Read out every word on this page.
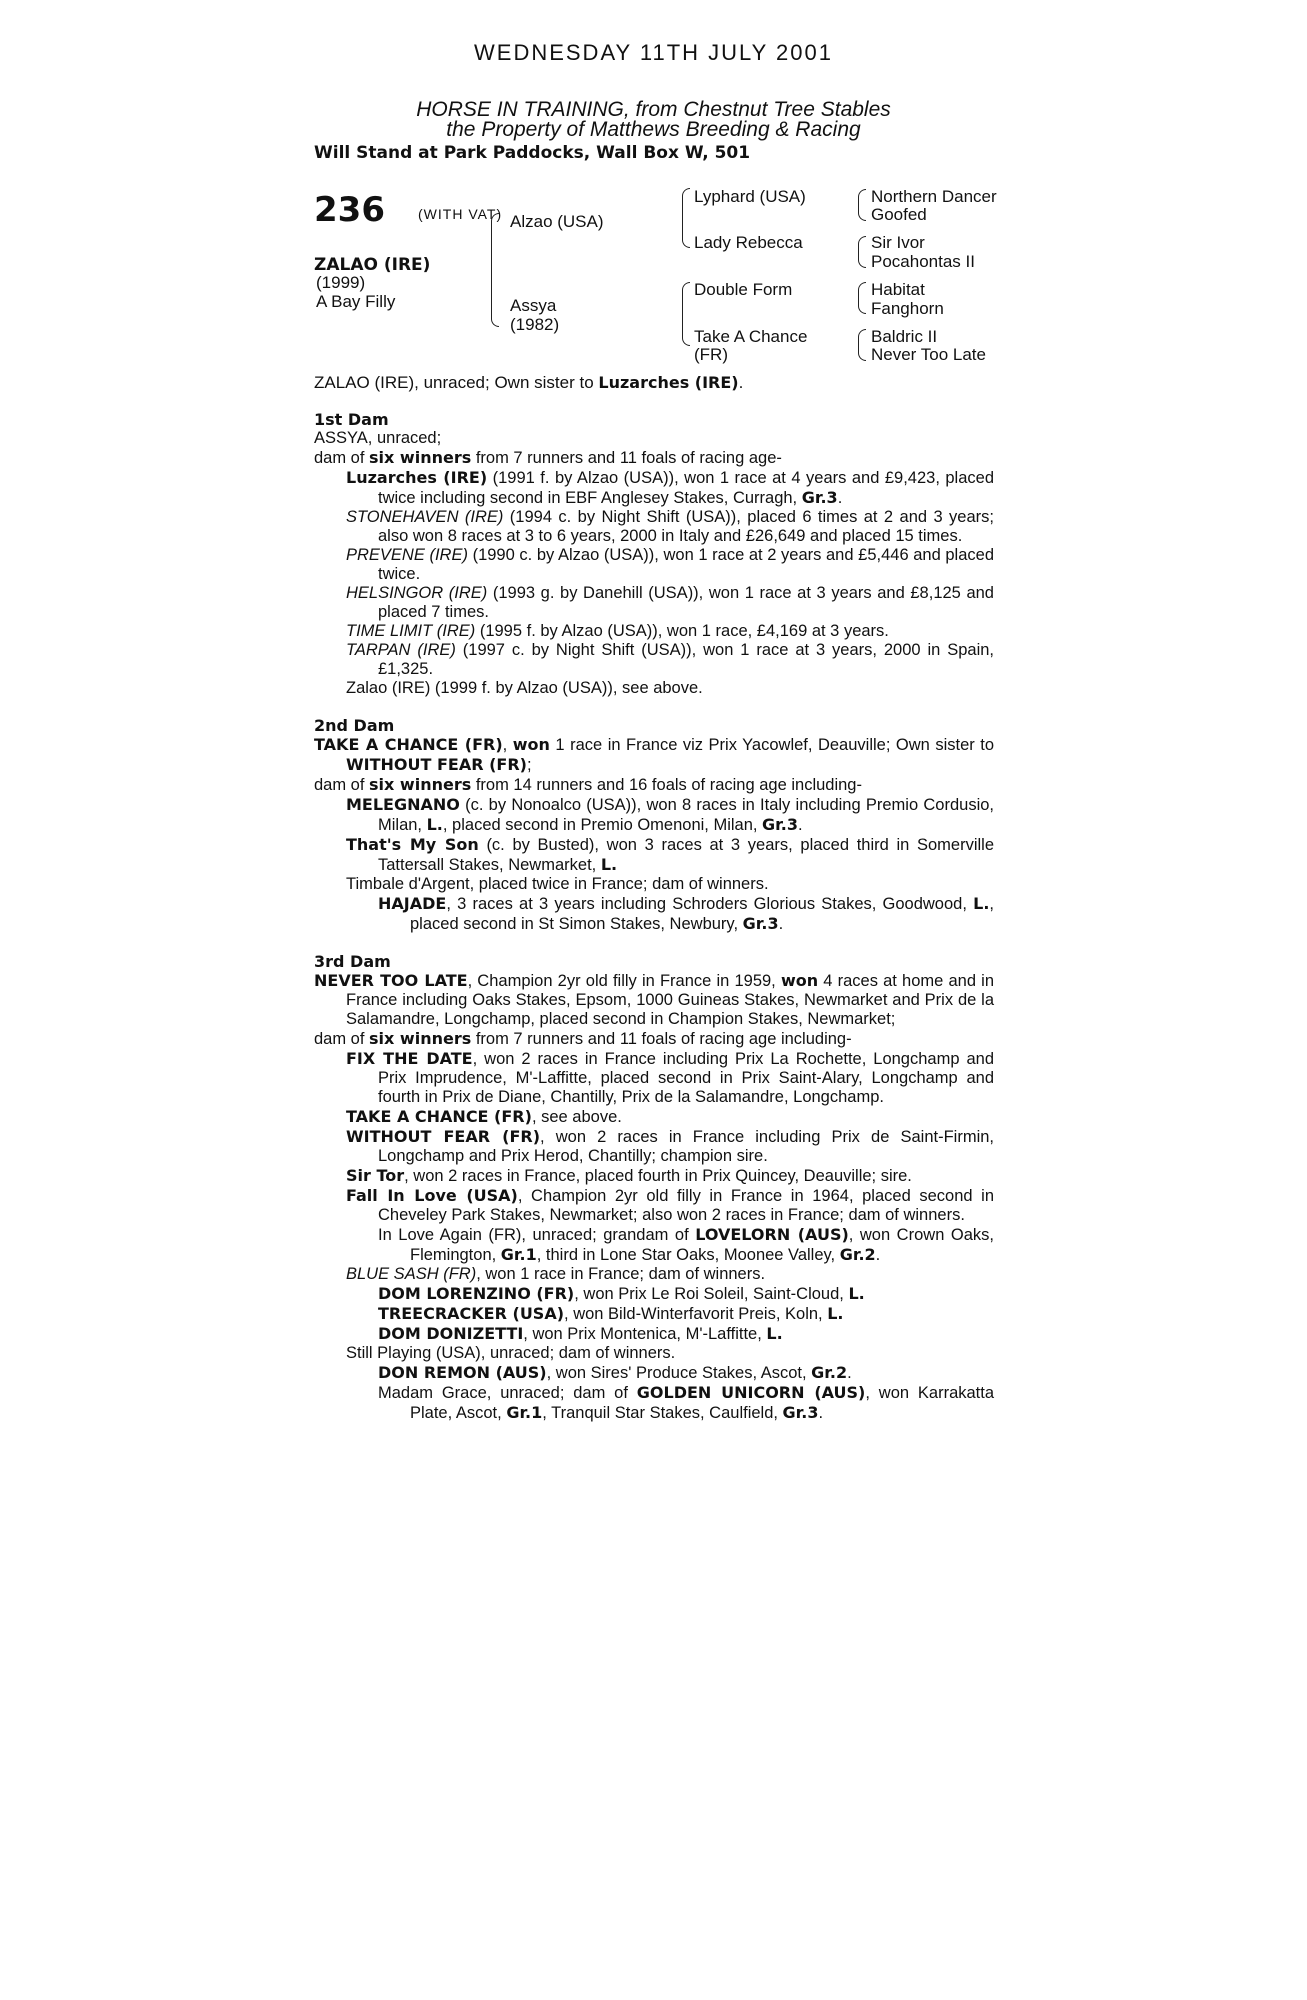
WEDNESDAY 11TH JULY 2001
HORSE IN TRAINING, from Chestnut Tree Stables
the Property of Matthews Breeding & Racing
Will Stand at Park Paddocks, Wall Box W, 501
236 (WITH VAT)
ZALAO (IRE)
(1999)
A Bay Filly
Alzao (USA)
Assya
(1982)
Lyphard (USA)
Lady Rebecca
Double Form
Take A Chance
(FR)
Northern Dancer
Goofed
Sir Ivor
Pocahontas II
Habitat
Fanghorn
Baldric II
Never Too Late
ZALAO (IRE), unraced; Own sister to Luzarches (IRE).
1st Dam

ASSYA, unraced;

dam of six winners from 7 runners and 11 foals of racing age-

Luzarches (IRE) (1991 f. by Alzao (USA)), won 1 race at 4 years and £9,423, placed twice including second in EBF Anglesey Stakes, Curragh, Gr.3.

STONEHAVEN (IRE) (1994 c. by Night Shift (USA)), placed 6 times at 2 and 3 years; also won 8 races at 3 to 6 years, 2000 in Italy and £26,649 and placed 15 times.

PREVENE (IRE) (1990 c. by Alzao (USA)), won 1 race at 2 years and £5,446 and placed twice.

HELSINGOR (IRE) (1993 g. by Danehill (USA)), won 1 race at 3 years and £8,125 and placed 7 times.

TIME LIMIT (IRE) (1995 f. by Alzao (USA)), won 1 race, £4,169 at 3 years.

TARPAN (IRE) (1997 c. by Night Shift (USA)), won 1 race at 3 years, 2000 in Spain, £1,325.

Zalao (IRE) (1999 f. by Alzao (USA)), see above.

2nd Dam

TAKE A CHANCE (FR), won 1 race in France viz Prix Yacowlef, Deauville; Own sister to WITHOUT FEAR (FR);

dam of six winners from 14 runners and 16 foals of racing age including-

MELEGNANO (c. by Nonoalco (USA)), won 8 races in Italy including Premio Cordusio, Milan, L., placed second in Premio Omenoni, Milan, Gr.3.

That's My Son (c. by Busted), won 3 races at 3 years, placed third in Somerville Tattersall Stakes, Newmarket, L.

Timbale d'Argent, placed twice in France; dam of winners.

HAJADE, 3 races at 3 years including Schroders Glorious Stakes, Goodwood, L., placed second in St Simon Stakes, Newbury, Gr.3.

3rd Dam

NEVER TOO LATE, Champion 2yr old filly in France in 1959, won 4 races at home and in France including Oaks Stakes, Epsom, 1000 Guineas Stakes, Newmarket and Prix de la Salamandre, Longchamp, placed second in Champion Stakes, Newmarket;

dam of six winners from 7 runners and 11 foals of racing age including-

FIX THE DATE, won 2 races in France including Prix La Rochette, Longchamp and Prix Imprudence, M'-Laffitte, placed second in Prix Saint-Alary, Longchamp and fourth in Prix de Diane, Chantilly, Prix de la Salamandre, Longchamp.

TAKE A CHANCE (FR), see above.

WITHOUT FEAR (FR), won 2 races in France including Prix de Saint-Firmin, Longchamp and Prix Herod, Chantilly; champion sire.

Sir Tor, won 2 races in France, placed fourth in Prix Quincey, Deauville; sire.

Fall In Love (USA), Champion 2yr old filly in France in 1964, placed second in Cheveley Park Stakes, Newmarket; also won 2 races in France; dam of winners.

In Love Again (FR), unraced; grandam of LOVELORN (AUS), won Crown Oaks, Flemington, Gr.1, third in Lone Star Oaks, Moonee Valley, Gr.2.

BLUE SASH (FR), won 1 race in France; dam of winners.

DOM LORENZINO (FR), won Prix Le Roi Soleil, Saint-Cloud, L.

TREECRACKER (USA), won Bild-Winterfavorit Preis, Koln, L.

DOM DONIZETTI, won Prix Montenica, M'-Laffitte, L.

Still Playing (USA), unraced; dam of winners.

DON REMON (AUS), won Sires' Produce Stakes, Ascot, Gr.2.

Madam Grace, unraced; dam of GOLDEN UNICORN (AUS), won Karrakatta Plate, Ascot, Gr.1, Tranquil Star Stakes, Caulfield, Gr.3.
